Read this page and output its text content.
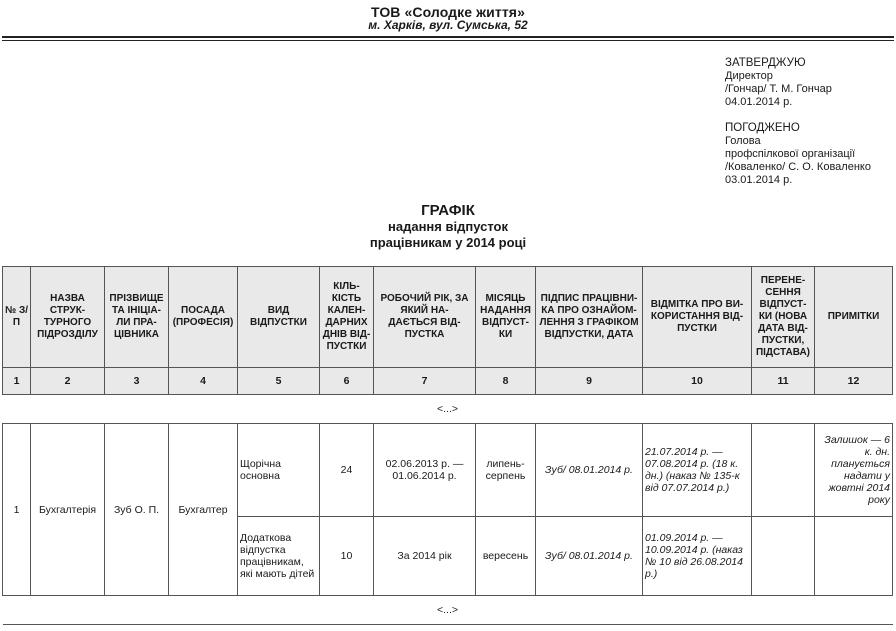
ТОВ «Солодке життя»
м. Харків, вул. Сумська, 52
ЗАТВЕРДЖУЮ
Директор
/Гончар/ Т. М. Гончар
04.01.2014 р.
ПОГОДЖЕНО
Голова
профспілкової організації
/Коваленко/ С. О. Коваленко
03.01.2014 р.
ГРАФІК
надання відпусток
працівникам у 2014 році
№ З/П	НАЗВА СТРУК-ТУРНОГО ПІДРОЗДІЛУ	ПРІЗВИЩЕ ТА ІНІЦІА-ЛИ ПРА-ЦІВНИКА	ПОСАДА (ПРОФЕСІЯ)	ВИД ВІДПУСТКИ	КІЛЬ-КІСТЬ КАЛЕН-ДАРНИХ ДНІВ ВІД-ПУСТКИ	РОБОЧИЙ РІК, ЗА ЯКИЙ НА-ДАЄТЬСЯ ВІД-ПУСТКА	МІСЯЦЬ НАДАННЯ ВІДПУСТ-КИ	ПІДПИС ПРАЦІВНИ-КА ПРО ОЗНАЙОМ-ЛЕННЯ З ГРАФІКОМ ВІДПУСТКИ, ДАТА	ВІДМІТКА ПРО ВИ-КОРИСТАННЯ ВІД-ПУСТКИ	ПЕРЕНЕ-СЕННЯ ВІДПУСТ-КИ (НОВА ДАТА ВІД-ПУСТКИ, ПІДСТАВА)	ПРИМІТКИ
1	2	3	4	5	6	7	8	9	10	11	12
<...>											
1	Бухгалтерія	Зуб О. П.	Бухгалтер	Щорічна основна	24	02.06.2013 р. — 01.06.2014 р.	липень-серпень	Зуб/ 08.01.2014 р.	21.07.2014 р. — 07.08.2014 р. (18 к. дн.) (наказ № 135-к від 07.07.2014 р.)		Залишок — 6 к. дн. планується надати у жовтні 2014 року
				Додаткова відпустка працівникам, які мають дітей	10	За 2014 рік	вересень	Зуб/ 08.01.2014 р.	01.09.2014 р. — 10.09.2014 р. (наказ № 10 від 26.08.2014 р.)		
<...>											
